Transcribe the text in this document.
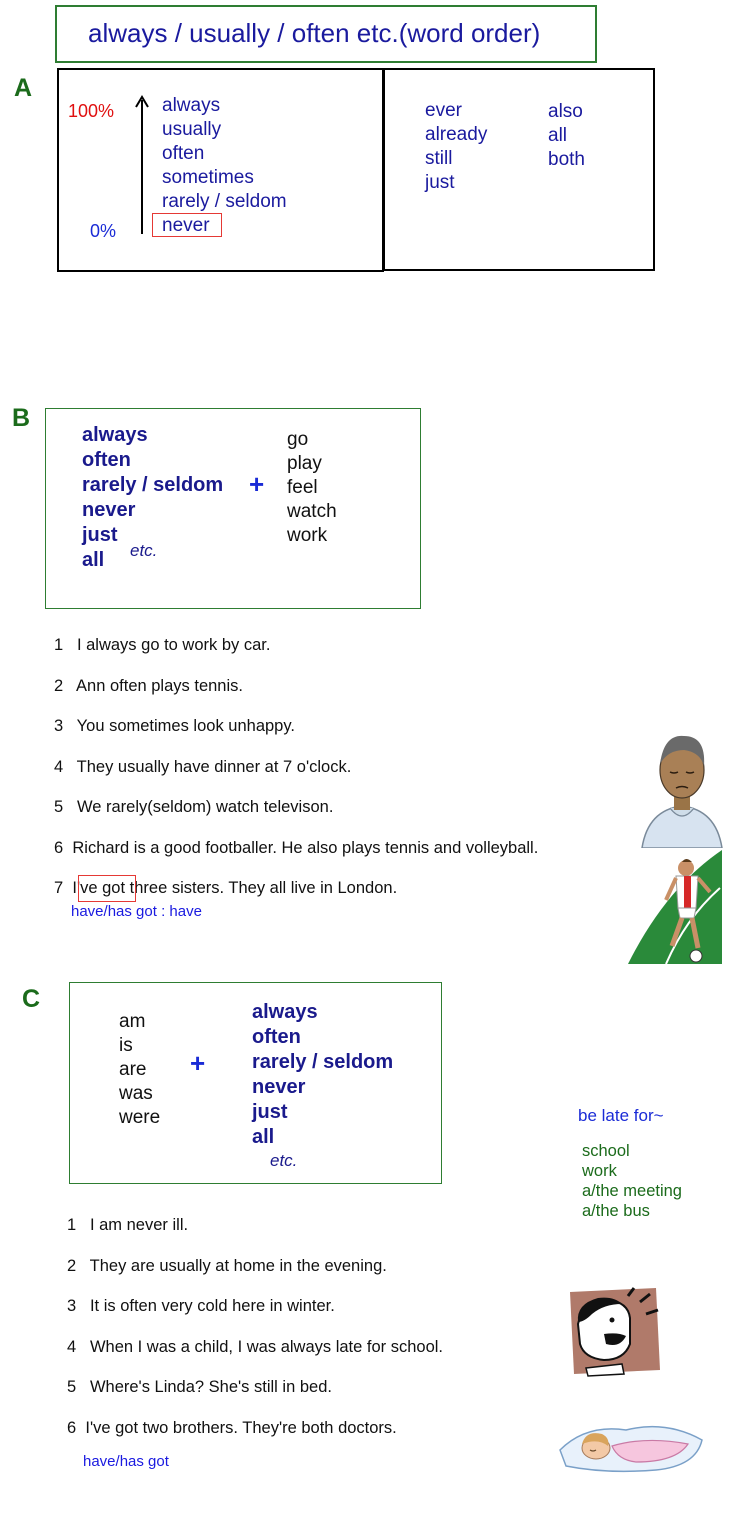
always / usually / often etc.(word order)
A
100%
0%
always
usually
often
sometimes
rarely / seldom
never
ever
already
still
just
also
all
both
B
always
often
rarely / seldom
never
just
all	etc.
+
go
play
feel
watch
work
1 I always go to work by car.
2 Ann often plays tennis.
3 You sometimes look unhappy.
4 They usually have dinner at 7 o'clock.
5 We rarely(seldom) watch televison.
6 Richard is a good footballer. He also plays tennis and volleyball.
7 I've got three sisters. They all live in London.
have/has got : have
C
am
is
are
was
were
+
always
often
rarely / seldom
never
just
all
etc.
be late for~
school
work
a/the meeting
a/the bus
1 I am never ill.
2 They are usually at home in the evening.
3 It is often very cold here in winter.
4 When I was a child, I was always late for school.
5 Where's Linda? She's still in bed.
6 I've got two brothers. They're both doctors.
have/has got
